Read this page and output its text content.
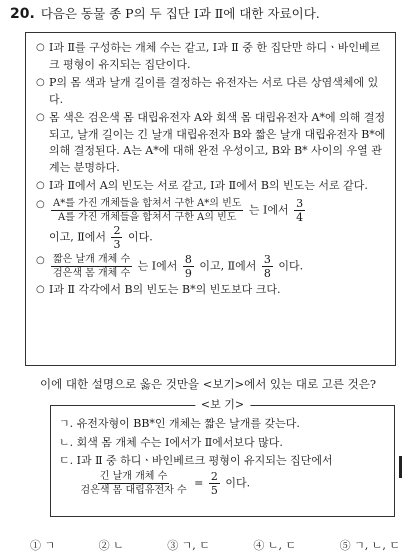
20. 다음은 동물 종 P의 두 집단 Ⅰ과 Ⅱ에 대한 자료이다.
○ Ⅰ과 Ⅱ를 구성하는 개체 수는 같고, Ⅰ과 Ⅱ 중 한 집단만 하디ㆍ바인베르크 평형이 유지되는 집단이다.
○ P의 몸 색과 날개 길이를 결정하는 유전자는 서로 다른 상염색체에 있다.
○ 몸 색은 검은색 몸 대립유전자 A와 회색 몸 대립유전자 A*에 의해 결정되고, 날개 길이는 긴 날개 대립유전자 B와 짧은 날개 대립유전자 B*에 의해 결정된다. A는 A*에 대해 완전 우성이고, B와 B* 사이의 우열 관계는 분명하다.
○ Ⅰ과 Ⅱ에서 A의 빈도는 서로 같고, Ⅰ과 Ⅱ에서 B의 빈도는 서로 같다.
○ $\frac{\text{A*를 가진 개체들을 합쳐서 구한 A*의 빈도}}{\text{A를 가진 개체들을 합쳐서 구한 A의 빈도}}$ 는 Ⅰ에서 $\frac{3}{4}$

이고, Ⅱ에서 $\frac{2}{3}$ 이다.
○ $\frac{\text{짧은 날개 개체 수}}{\text{검은색 몸 개체 수}}$ 는 Ⅰ에서 $\frac{8}{9}$ 이고, Ⅱ에서 $\frac{3}{8}$ 이다.
○ Ⅰ과 Ⅱ 각각에서 B의 빈도는 B*의 빈도보다 크다.
이에 대한 설명으로 옳은 것만을 <보기>에서 있는 대로 고른 것은?
<보 기>
ㄱ. 유전자형이 BB*인 개체는 짧은 날개를 갖는다.
ㄴ. 회색 몸 개체 수는 Ⅰ에서가 Ⅱ에서보다 많다.
ㄷ. Ⅰ과 Ⅱ 중 하디ㆍ바인베르크 평형이 유지되는 집단에서

$\frac{\text{긴 날개 개체 수}}{\text{검은색 몸 대립유전자 수}} = \frac{2}{5}$ 이다.
① ㄱ	② ㄴ	③ ㄱ, ㄷ	④ ㄴ, ㄷ	⑤ ㄱ, ㄴ, ㄷ
